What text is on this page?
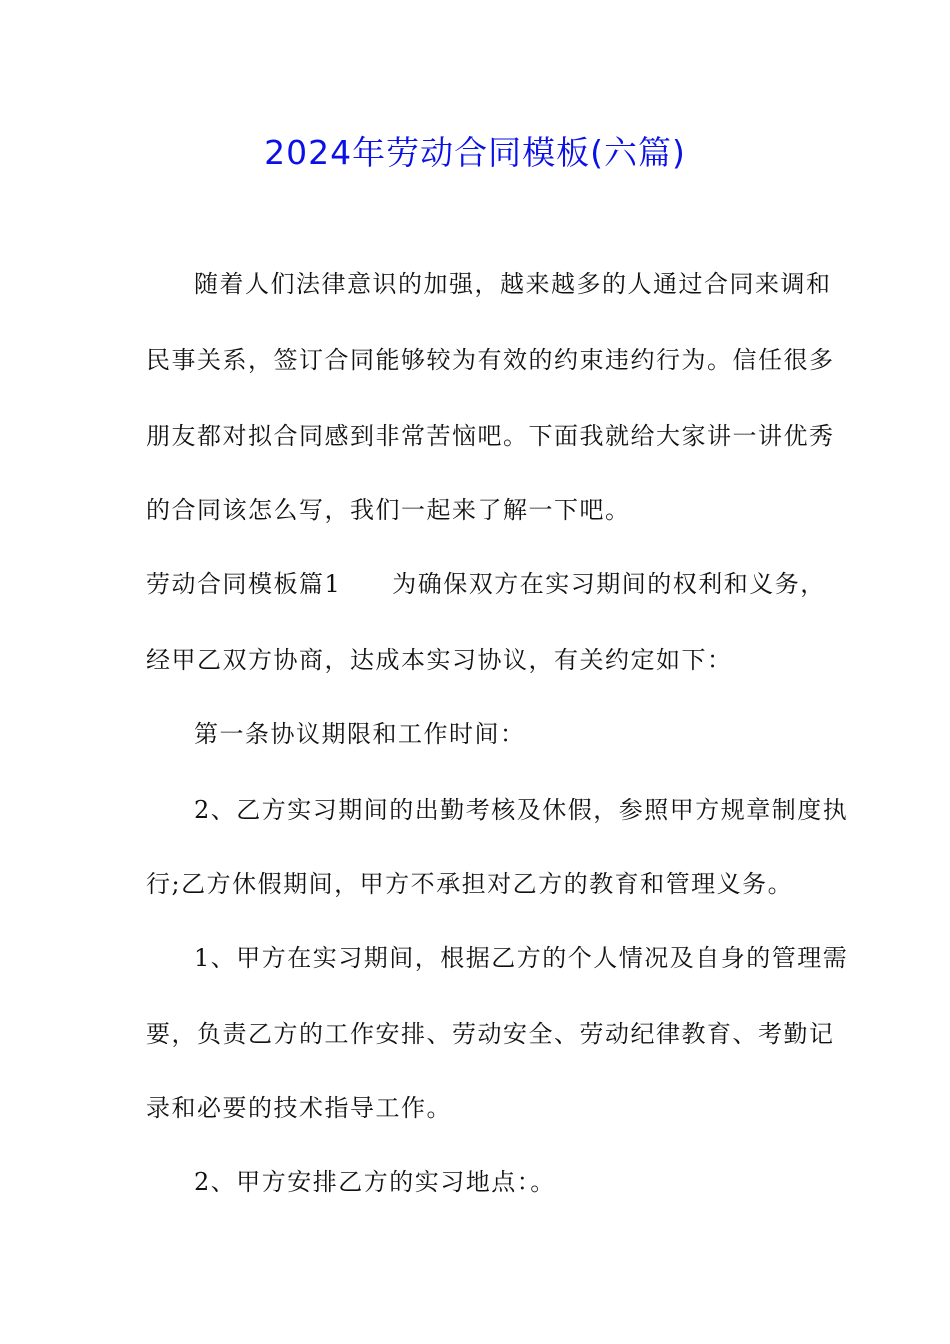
2024年劳动合同模板(六篇)

随着人们法律意识的加强，越来越多的人通过合同来调和

民事关系，签订合同能够较为有效的约束违约行为。信任很多

朋友都对拟合同感到非常苦恼吧。下面我就给大家讲一讲优秀

的合同该怎么写，我们一起来了解一下吧。

劳动合同模板篇1　　为确保双方在实习期间的权利和义务，

经甲乙双方协商，达成本实习协议，有关约定如下：

第一条协议期限和工作时间：

2、乙方实习期间的出勤考核及休假，参照甲方规章制度执

行;乙方休假期间，甲方不承担对乙方的教育和管理义务。

1、甲方在实习期间，根据乙方的个人情况及自身的管理需

要，负责乙方的工作安排、劳动安全、劳动纪律教育、考勤记

录和必要的技术指导工作。

2、甲方安排乙方的实习地点：。
